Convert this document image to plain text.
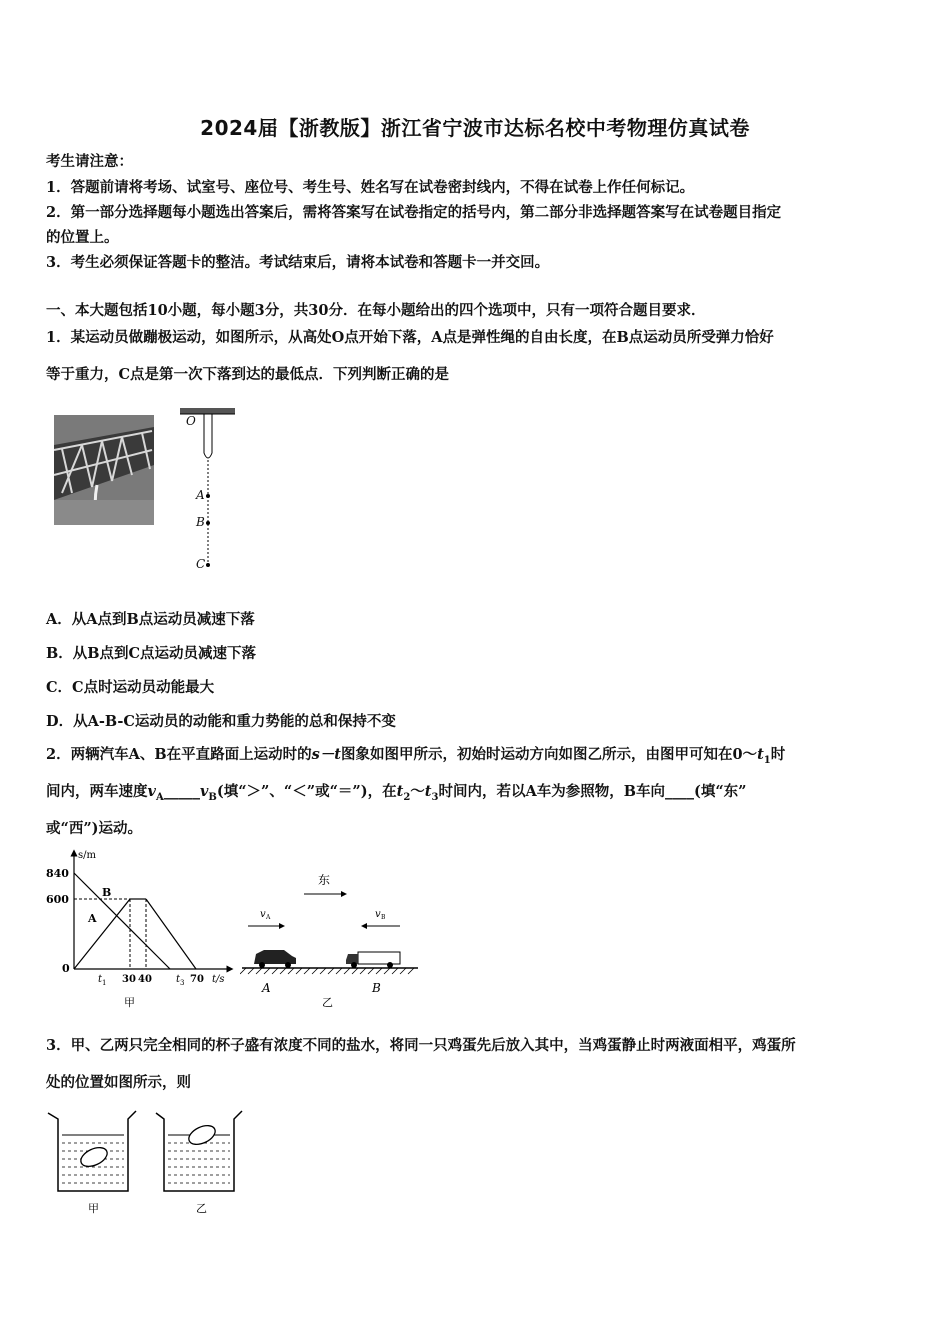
2024届【浙教版】浙江省宁波市达标名校中考物理仿真试卷
考生请注意：
1．答题前请将考场、试室号、座位号、考生号、姓名写在试卷密封线内，不得在试卷上作任何标记。
2．第一部分选择题每小题选出答案后，需将答案写在试卷指定的括号内，第二部分非选择题答案写在试卷题目指定
的位置上。
3．考生必须保证答题卡的整洁。考试结束后，请将本试卷和答题卡一并交回。
一、本大题包括10小题，每小题3分，共30分．在每小题给出的四个选项中，只有一项符合题目要求．
1．某运动员做蹦极运动，如图所示，从高处O点开始下落，A点是弹性绳的自由长度，在B点运动员所受弹力恰好
等于重力，C点是第一次下落到达的最低点．下列判断正确的是
O
A
B
C
A．从A点到B点运动员减速下落
B．从B点到C点运动员减速下落
C．C点时运动员动能最大
D．从A-B-C运动员的动能和重力势能的总和保持不变
2．两辆汽车A、B在平直路面上运动时的s－t图象如图甲所示，初始时运动方向如图乙所示，由图甲可知在$0\sim t_1$时
间内，两车速度$v_A\_\_\_\_\_v_B$(填“＞”、“＜”或“＝”)，在$t_2\sim t_3$时间内，若以A车为参照物，B车向____(填“东”
或“西”)运动。
s/m
840
600
0
B
A
t 1 30 40 t 3 70 t/s
甲
东
v A	v B
A	B
乙
3．甲、乙两只完全相同的杯子盛有浓度不同的盐水，将同一只鸡蛋先后放入其中，当鸡蛋静止时两液面相平，鸡蛋所
处的位置如图所示，则
甲	乙
